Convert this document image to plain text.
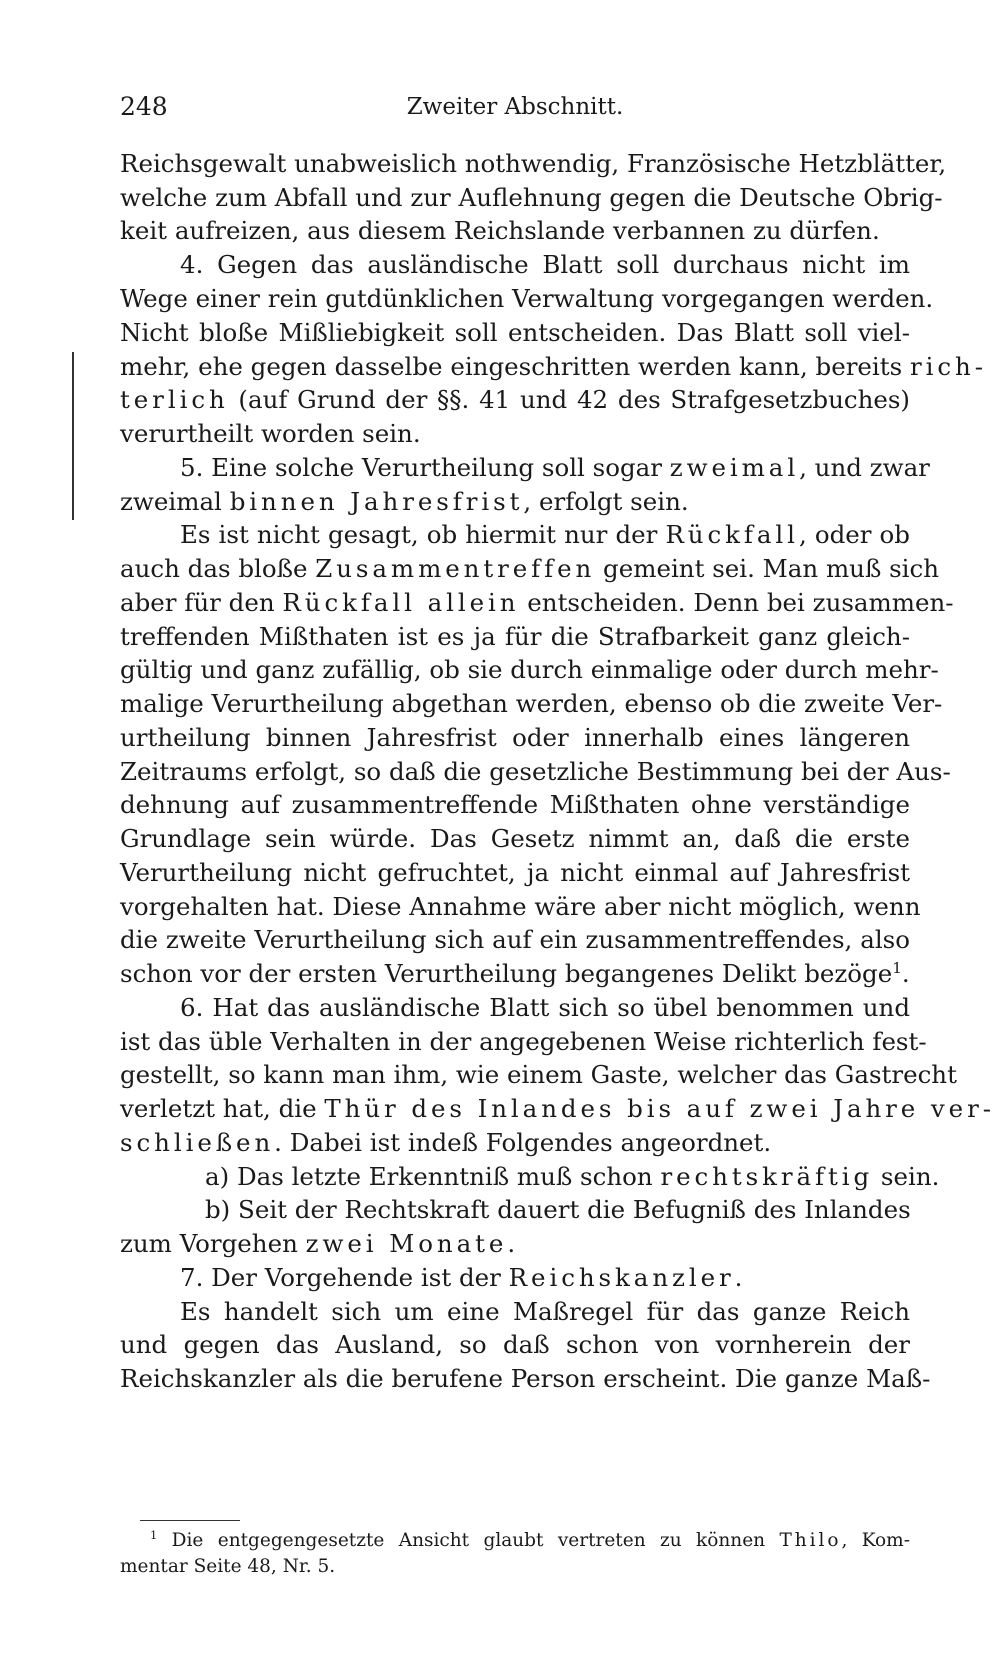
248	Zweiter Abschnitt.
Reichsgewalt unabweislich nothwendig, Französische Hetzblätter,
welche zum Abfall und zur Auflehnung gegen die Deutsche Obrig-
keit aufreizen, aus diesem Reichslande verbannen zu dürfen.
4. Gegen das ausländische Blatt soll durchaus nicht im
Wege einer rein gutdünklichen Verwaltung vorgegangen werden.
Nicht bloße Mißliebigkeit soll entscheiden. Das Blatt soll viel-
mehr, ehe gegen dasselbe eingeschritten werden kann, bereits rich-
terlich (auf Grund der §§. 41 und 42 des Strafgesetzbuches)
verurtheilt worden sein.
5. Eine solche Verurtheilung soll sogar zweimal, und zwar
zweimal binnen Jahresfrist, erfolgt sein.
Es ist nicht gesagt, ob hiermit nur der Rückfall, oder ob
auch das bloße Zusammentreffen gemeint sei. Man muß sich
aber für den Rückfall allein entscheiden. Denn bei zusammen-
treffenden Mißthaten ist es ja für die Strafbarkeit ganz gleich-
gültig und ganz zufällig, ob sie durch einmalige oder durch mehr-
malige Verurtheilung abgethan werden, ebenso ob die zweite Ver-
urtheilung binnen Jahresfrist oder innerhalb eines längeren
Zeitraums erfolgt, so daß die gesetzliche Bestimmung bei der Aus-
dehnung auf zusammentreffende Mißthaten ohne verständige
Grundlage sein würde. Das Gesetz nimmt an, daß die erste
Verurtheilung nicht gefruchtet, ja nicht einmal auf Jahresfrist
vorgehalten hat. Diese Annahme wäre aber nicht möglich, wenn
die zweite Verurtheilung sich auf ein zusammentreffendes, also
schon vor der ersten Verurtheilung begangenes Delikt bezöge$^1$.
6. Hat das ausländische Blatt sich so übel benommen und
ist das üble Verhalten in der angegebenen Weise richterlich fest-
gestellt, so kann man ihm, wie einem Gaste, welcher das Gastrecht
verletzt hat, die Thür des Inlandes bis auf zwei Jahre ver-
schließen. Dabei ist indeß Folgendes angeordnet.
a) Das letzte Erkenntniß muß schon rechtskräftig sein.
b) Seit der Rechtskraft dauert die Befugniß des Inlandes
zum Vorgehen zwei Monate.
7. Der Vorgehende ist der Reichskanzler.
Es handelt sich um eine Maßregel für das ganze Reich
und gegen das Ausland, so daß schon von vornherein der
Reichskanzler als die berufene Person erscheint. Die ganze Maß-
$^1$ Die entgegengesetzte Ansicht glaubt vertreten zu können Thilo, Kom-
mentar Seite 48, Nr. 5.
